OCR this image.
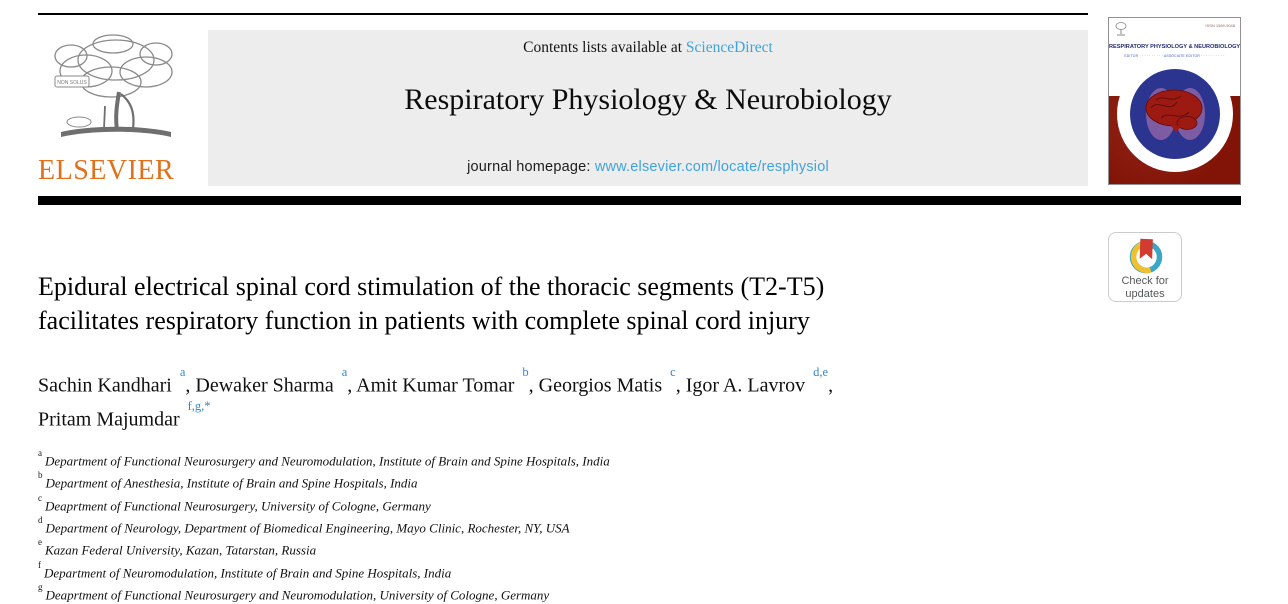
NON SOLUS
ELSEVIER
Contents lists available at ScienceDirect
Respiratory Physiology & Neurobiology
journal homepage: www.elsevier.com/locate/resphysiol
ISSN 1569-9048
RESPIRATORY PHYSIOLOGY & NEUROBIOLOGY
EDITOR · · · · · · · · · · ASSOCIATE EDITOR · · · · · · · · · ·
Check for
updates
Epidural electrical spinal cord stimulation of the thoracic segments (T2-T5)
facilitates respiratory function in patients with complete spinal cord injury
Sachin Kandhari $^a$, Dewaker Sharma $^a$, Amit Kumar Tomar $^b$, Georgios Matis $^c$, Igor A. Lavrov $^{d,e}$,
Pritam Majumdar $^{f,g,*}$
$^a$Department of Functional Neurosurgery and Neuromodulation, Institute of Brain and Spine Hospitals, India
$^b$Department of Anesthesia, Institute of Brain and Spine Hospitals, India
$^c$Deaprtment of Functional Neurosurgery, University of Cologne, Germany
$^d$Department of Neurology, Department of Biomedical Engineering, Mayo Clinic, Rochester, NY, USA
$^e$Kazan Federal University, Kazan, Tatarstan, Russia
$^f$Department of Neuromodulation, Institute of Brain and Spine Hospitals, India
$^g$Deaprtment of Functional Neurosurgery and Neuromodulation, University of Cologne, Germany
